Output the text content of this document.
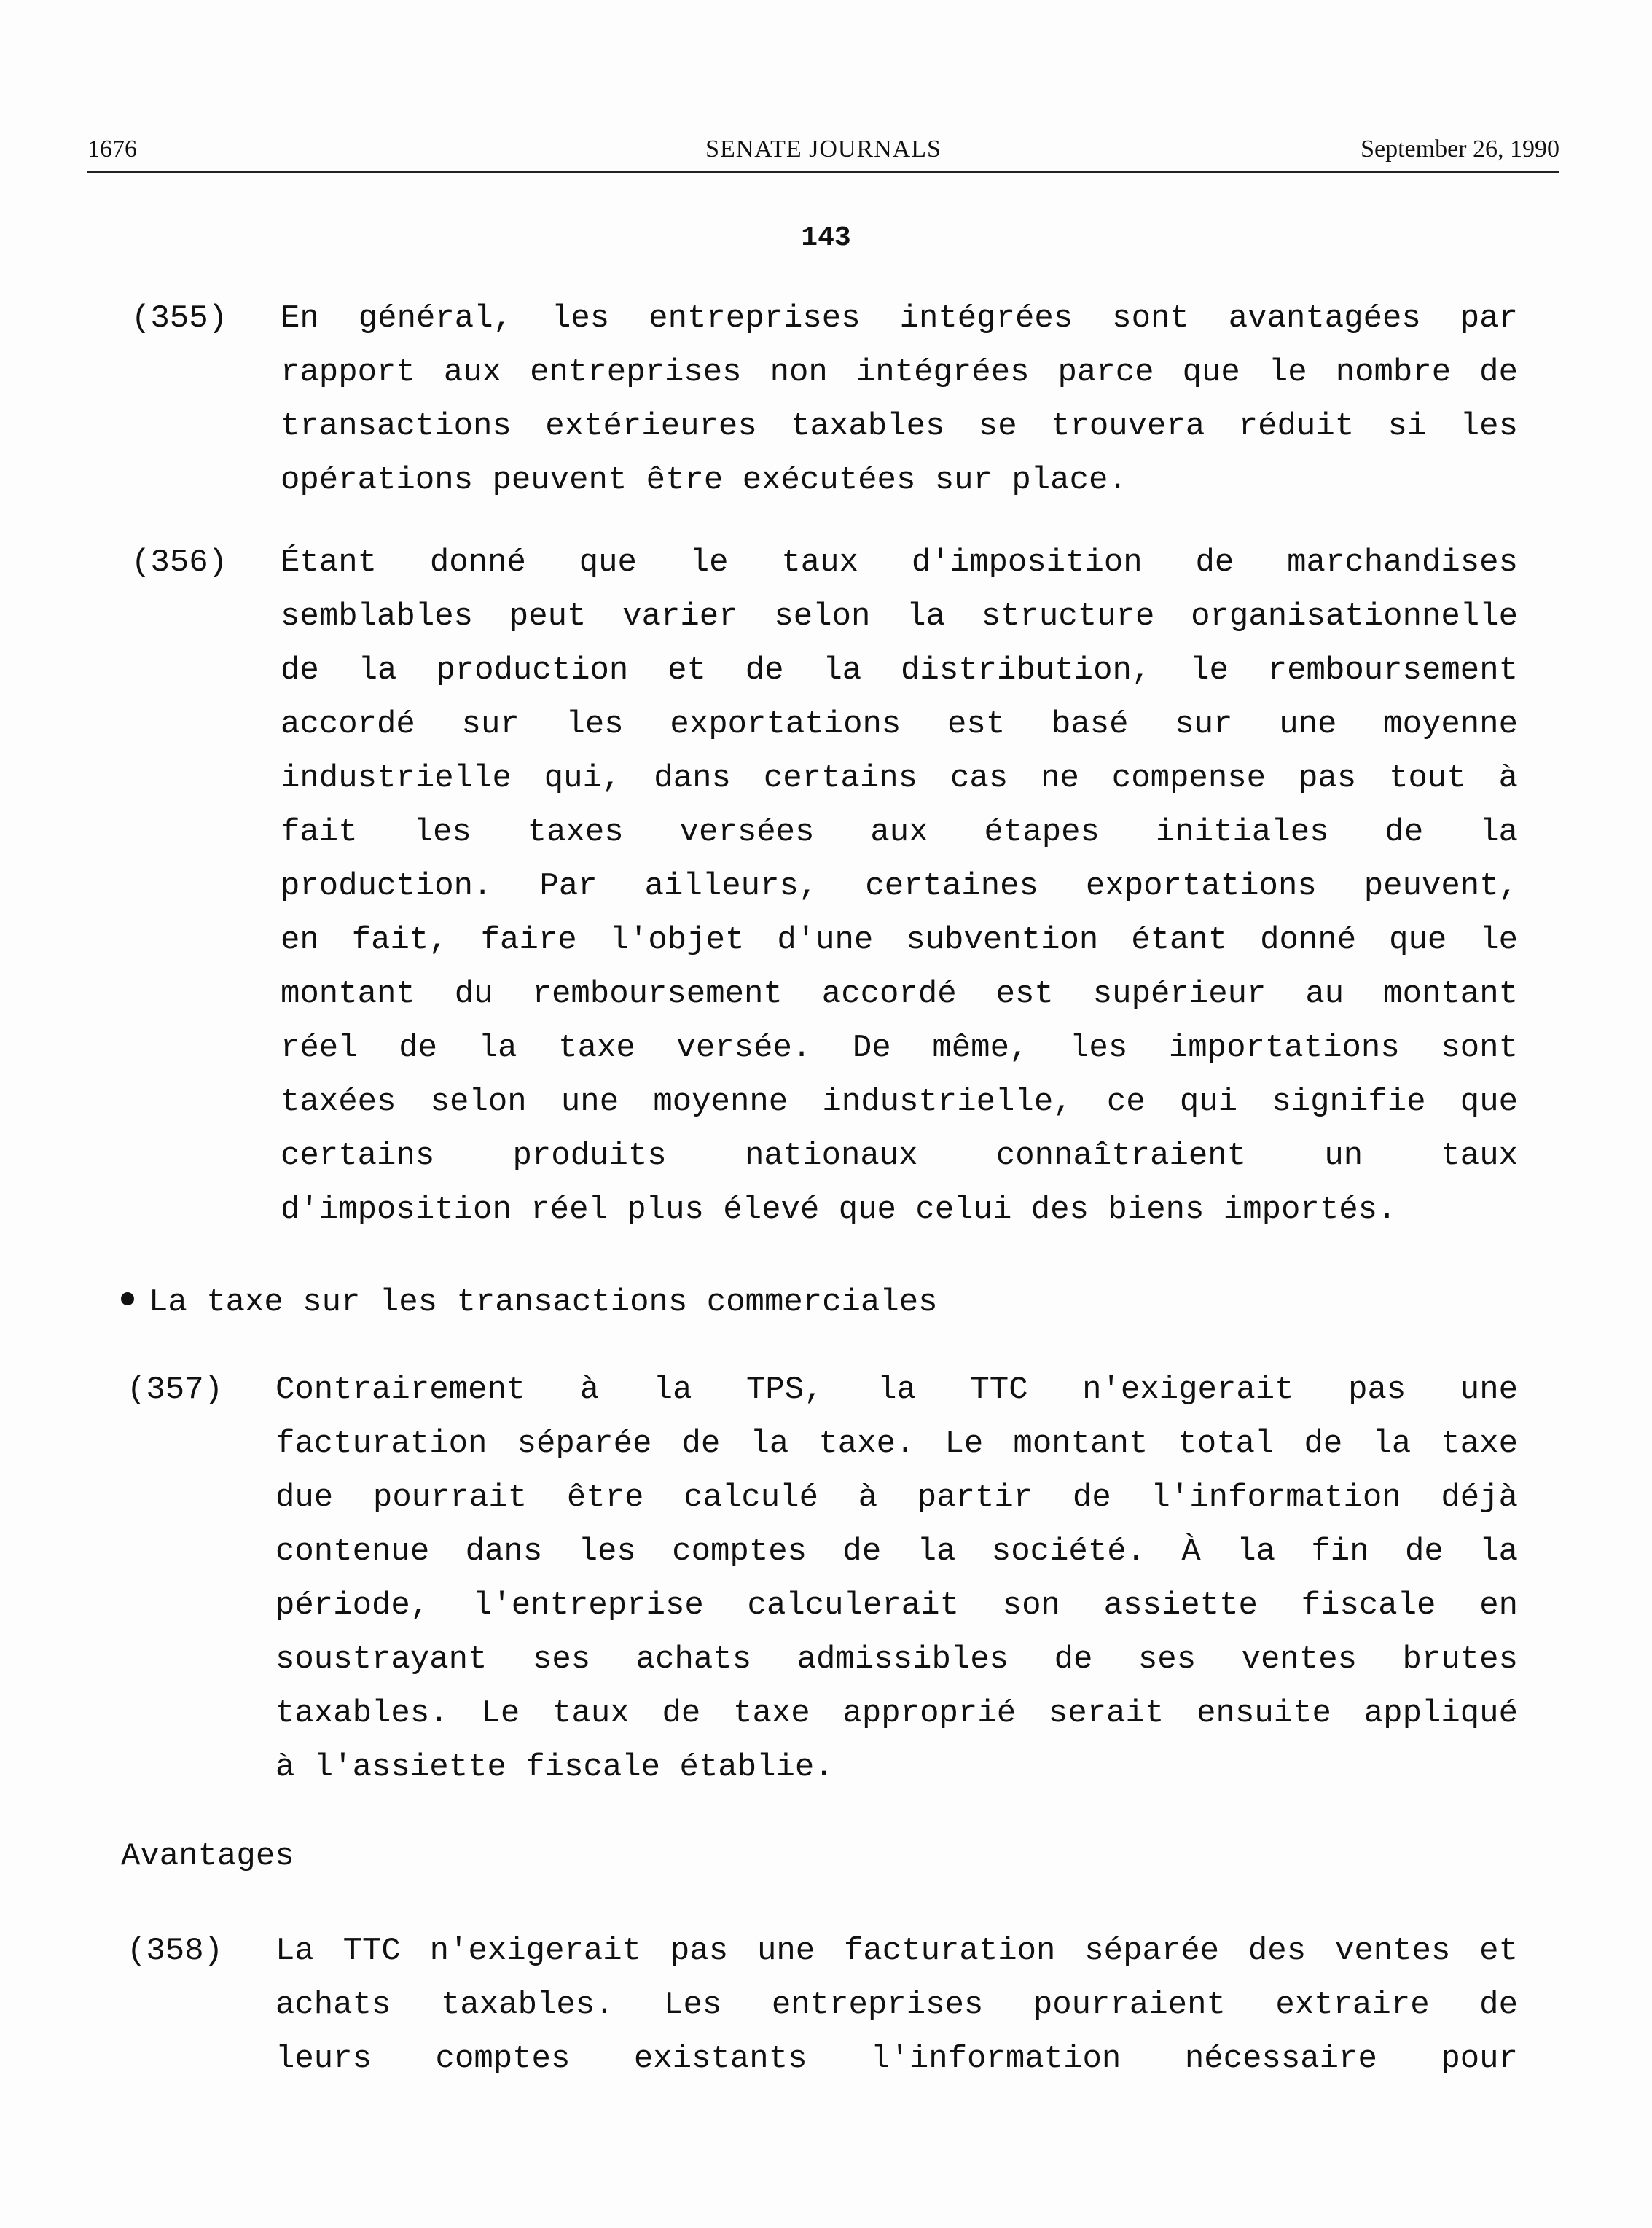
1676	SENATE JOURNALS	September 26, 1990
143
(355) En général, les entreprises intégrées sont avantagées par
rapport aux entreprises non intégrées parce que le nombre de
transactions extérieures taxables se trouvera réduit si les
opérations peuvent être exécutées sur place.
(356) Étant donné que le taux d'imposition de marchandises
semblables peut varier selon la structure organisationnelle
de la production et de la distribution, le remboursement
accordé sur les exportations est basé sur une moyenne
industrielle qui, dans certains cas ne compense pas tout à
fait les taxes versées aux étapes initiales de la
production. Par ailleurs, certaines exportations peuvent,
en fait, faire l'objet d'une subvention étant donné que le
montant du remboursement accordé est supérieur au montant
réel de la taxe versée. De même, les importations sont
taxées selon une moyenne industrielle, ce qui signifie que
certains produits nationaux connaîtraient un taux
d'imposition réel plus élevé que celui des biens importés.
La taxe sur les transactions commerciales
(357) Contrairement à la TPS, la TTC n'exigerait pas une
facturation séparée de la taxe. Le montant total de la taxe
due pourrait être calculé à partir de l'information déjà
contenue dans les comptes de la société. À la fin de la
période, l'entreprise calculerait son assiette fiscale en
soustrayant ses achats admissibles de ses ventes brutes
taxables. Le taux de taxe approprié serait ensuite appliqué
à l'assiette fiscale établie.
Avantages
(358) La TTC n'exigerait pas une facturation séparée des ventes et
achats taxables. Les entreprises pourraient extraire de
leurs comptes existants l'information nécessaire pour
